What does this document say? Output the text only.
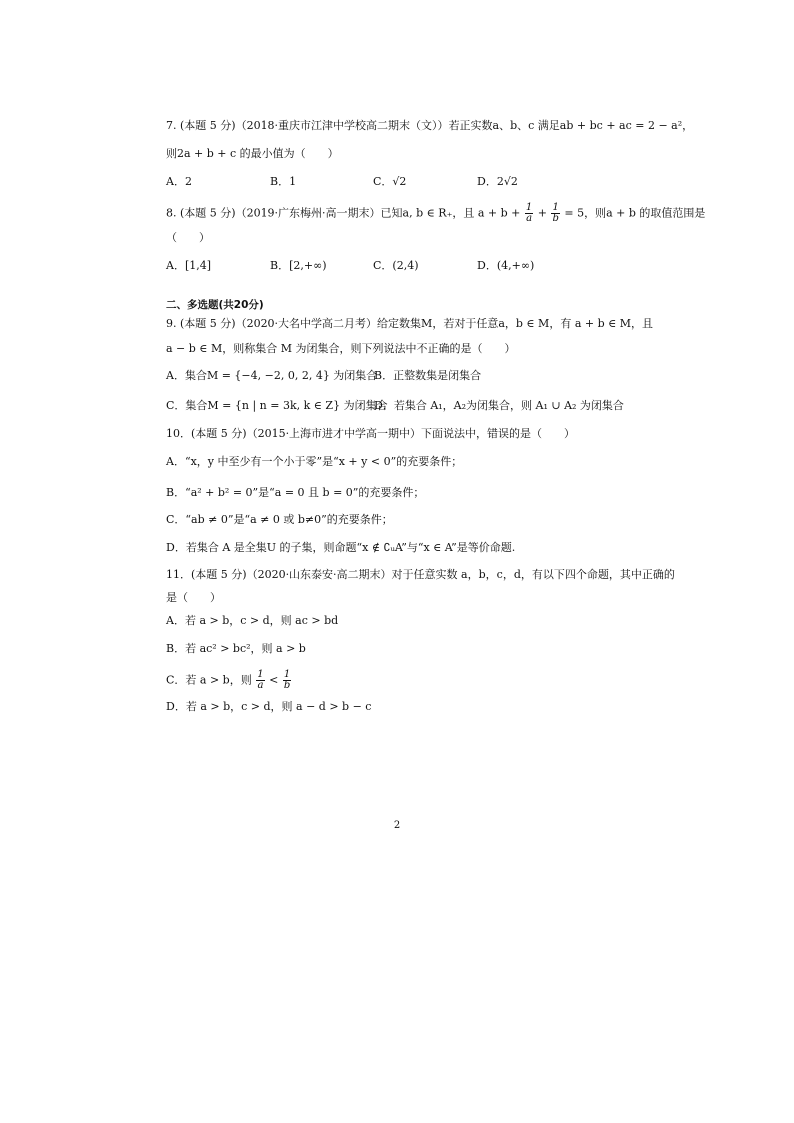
7. (本题 5 分)（2018·重庆市江津中学校高二期末（文））若正实数a、b、c 满足ab + bc + ac = 2 − a²，
则2a + b + c 的最小值为（　　）
A．2	B．1	C．√2	D．2√2
8. (本题 5 分)（2019·广东梅州·高一期末）已知a, b ∈ R₊，且 $a + b + \frac{1}{a} + \frac{1}{b} = 5$，则a + b 的取值范围是
（　　）
A．[1,4]	B．[2,+∞)	C．(2,4)	D．(4,+∞)
二、多选题(共20分)
9. (本题 5 分)（2020·大名中学高二月考）给定数集M，若对于任意a，b ∈ M，有 a + b ∈ M，且
a − b ∈ M，则称集合 M 为闭集合，则下列说法中不正确的是（　　）
A．集合M = {−4, −2, 0, 2, 4} 为闭集合
B．正整数集是闭集合
C．集合M = {n | n = 3k, k ∈ Z} 为闭集合
D．若集合 A₁，A₂为闭集合，则 A₁ ∪ A₂ 为闭集合
10．(本题 5 分)（2015·上海市进才中学高一期中）下面说法中，错误的是（　　）
A．“x，y 中至少有一个小于零”是“x + y < 0”的充要条件；
B．“a² + b² = 0”是“a = 0 且 b = 0”的充要条件；
C．“ab ≠ 0”是“a ≠ 0 或 b≠0”的充要条件；
D．若集合 A 是全集U 的子集，则命题“x ∉ ∁ᵤA”与“x ∈ A”是等价命题.
11．(本题 5 分)（2020·山东泰安·高二期末）对于任意实数 a，b，c，d，有以下四个命题，其中正确的
是（　　）
A．若 a > b，c > d，则 ac > bd
B．若 ac² > bc²，则 a > b
C．若 a > b，则 $\frac{1}{a} < \frac{1}{b}$
D．若 a > b，c > d，则 a − d > b − c
2
